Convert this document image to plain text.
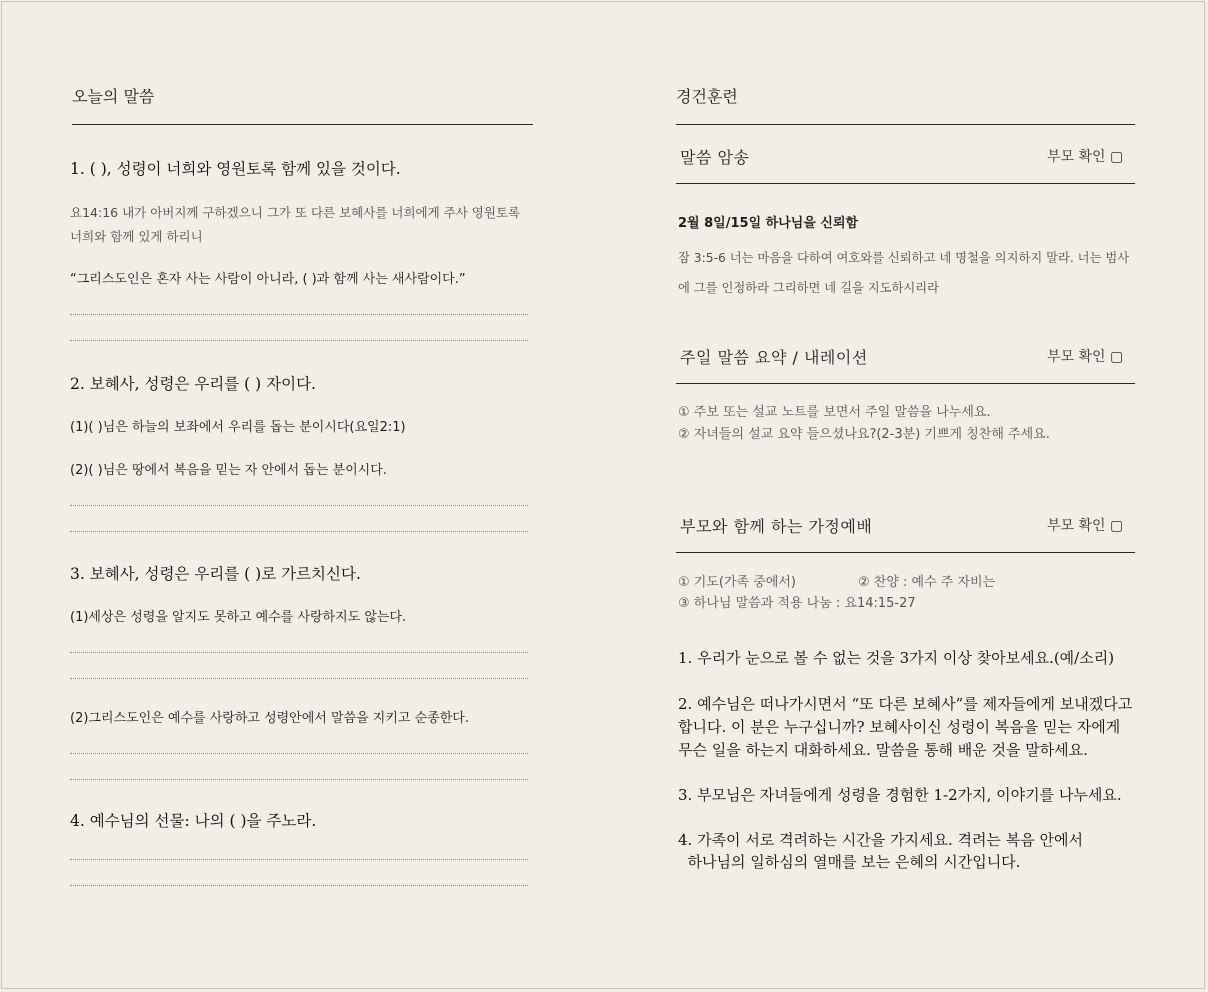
오늘의 말씀
1. ( ), 성령이 너희와 영원토록 함께 있을 것이다.
요14:16 내가 아버지께 구하겠으니 그가 또 다른 보혜사를 너희에게 주사 영원토록 너희와 함께 있게 하리니
“그리스도인은 혼자 사는 사람이 아니라, ( )과 함께 사는 새사람이다.”
2. 보혜사, 성령은 우리를 ( ) 자이다.
(1)( )님은 하늘의 보좌에서 우리를 돕는 분이시다(요일2:1)
(2)( )님은 땅에서 복음을 믿는 자 안에서 돕는 분이시다.
3. 보혜사, 성령은 우리를 ( )로 가르치신다.
(1)세상은 성령을 알지도 못하고 예수를 사랑하지도 않는다.
(2)그리스도인은 예수를 사랑하고 성령안에서 말씀을 지키고 순종한다.
4. 예수님의 선물: 나의 ( )을 주노라.
경건훈련
말씀 암송	부모 확인 ▢
2월 8일/15일 하나님을 신뢰함
잠 3:5-6 너는 마음을 다하여 여호와를 신뢰하고 네 명철을 의지하지 말라. 너는 범사
에 그를 인정하라 그리하면 네 길을 지도하시리라
주일 말씀 요약 / 내레이션	부모 확인 ▢
① 주보 또는 설교 노트를 보면서 주일 말씀을 나누세요.
② 자녀들의 설교 요약 들으셨나요?(2-3분) 기쁘게 칭찬해 주세요.
부모와 함께 하는 가정예배	부모 확인 ▢
① 기도(가족 중에서)	② 찬양 : 예수 주 자비는
③ 하나님 말씀과 적용 나눔 : 요14:15-27
1. 우리가 눈으로 볼 수 없는 것을 3가지 이상 찾아보세요.(예/소리)
2. 예수님은 떠나가시면서 “또 다른 보혜사”를 제자들에게 보내겠다고
합니다. 이 분은 누구십니까? 보혜사이신 성령이 복음을 믿는 자에게
무슨 일을 하는지 대화하세요. 말씀을 통해 배운 것을 말하세요.
3. 부모님은 자녀들에게 성령을 경험한 1-2가지, 이야기를 나누세요.
4. 가족이 서로 격려하는 시간을 가지세요. 격려는 복음 안에서
하나님의 일하심의 열매를 보는 은혜의 시간입니다.
